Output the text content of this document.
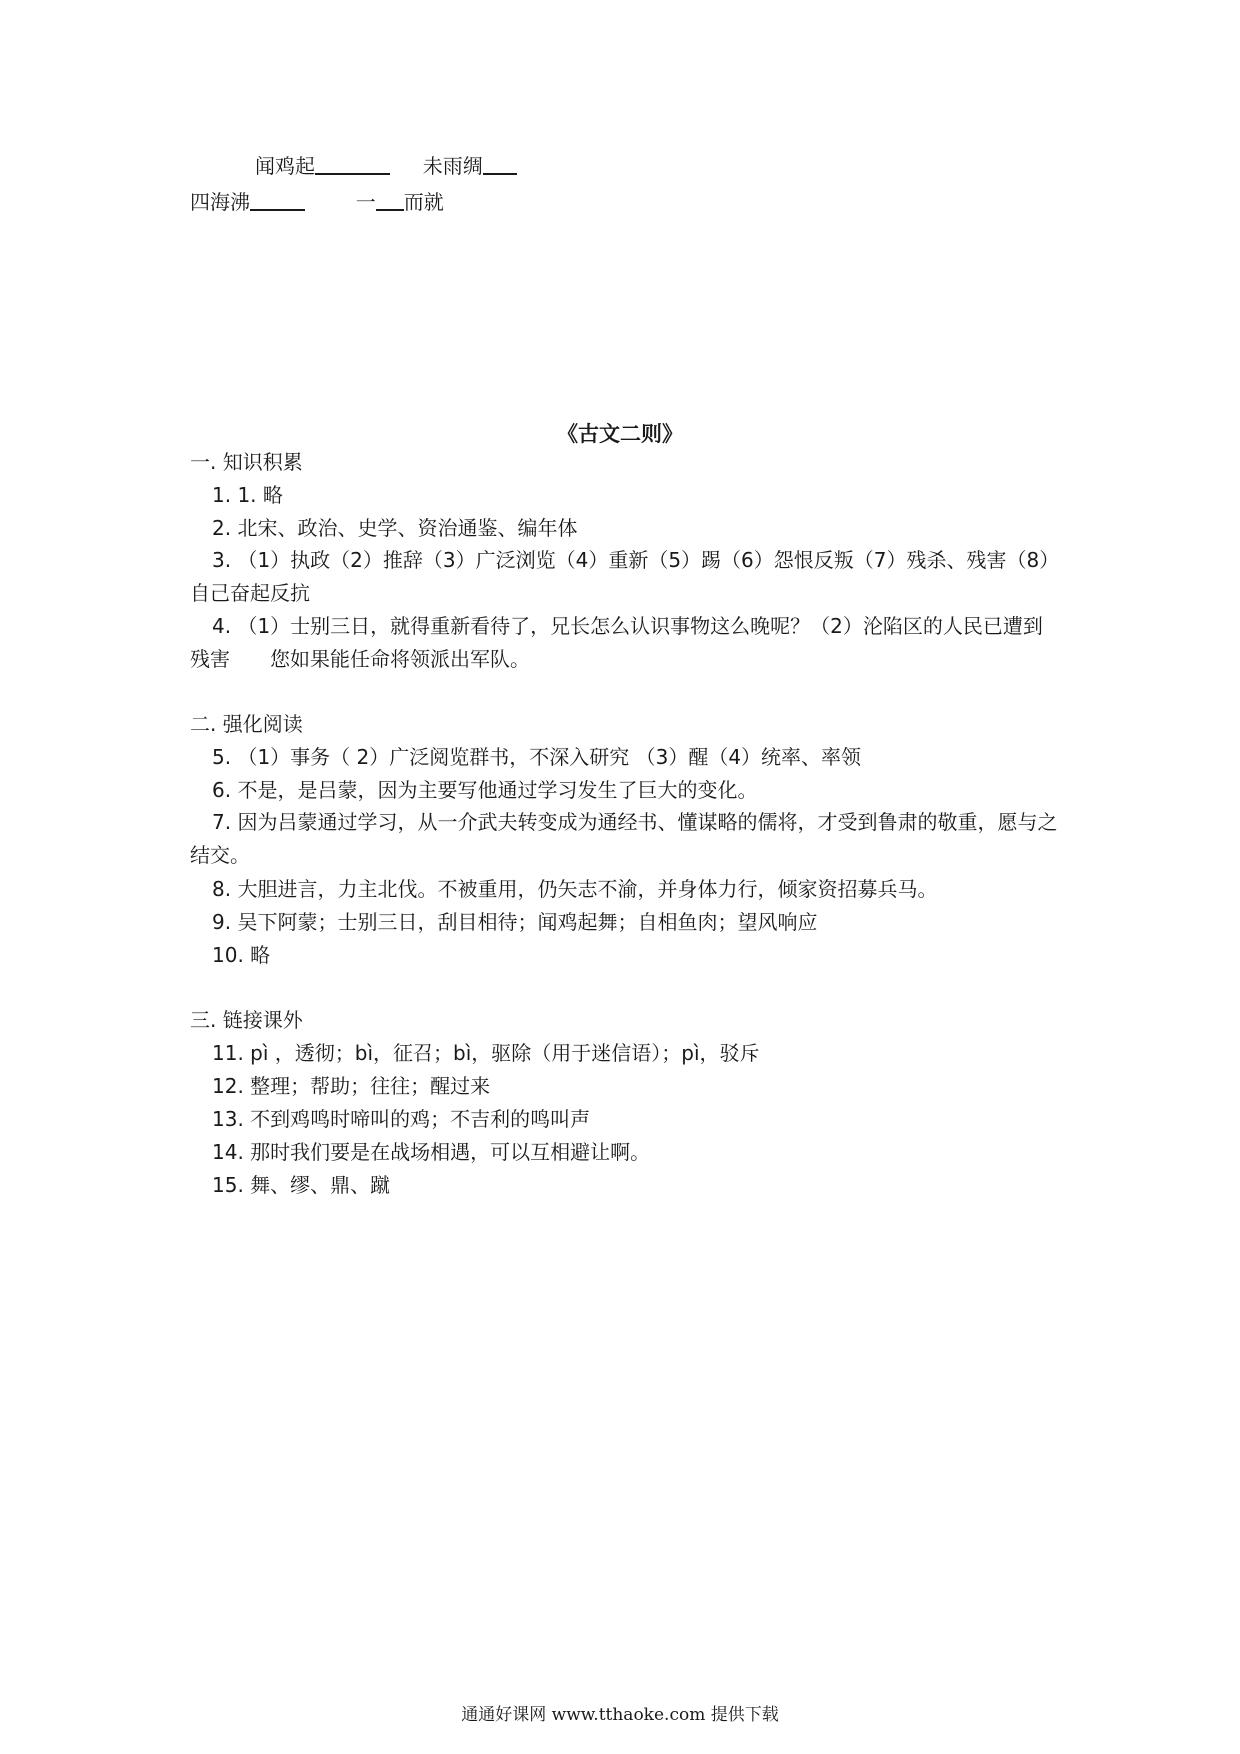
闻鸡起	未雨绸
四海沸	一 而就
《古文二则》
一. 知识积累
1. 1. 略
2. 北宋、政治、史学、资治通鉴、编年体
3. （1）执政（2）推辞（3）广泛浏览（4）重新（5）踢（6）怨恨反叛（7）残杀、残害（8）自己奋起反抗
4. （1）士别三日，就得重新看待了，兄长怎么认识事物这么晚呢？（2）沦陷区的人民已遭到残害　　您如果能任命将领派出军队。
二. 强化阅读
5. （1）事务（ 2）广泛阅览群书，不深入研究 （3）醒（4）统率、率领
6. 不是，是吕蒙，因为主要写他通过学习发生了巨大的变化。
7. 因为吕蒙通过学习，从一介武夫转变成为通经书、懂谋略的儒将，才受到鲁肃的敬重，愿与之结交。
8. 大胆进言，力主北伐。不被重用，仍矢志不渝，并身体力行，倾家资招募兵马。
9. 吴下阿蒙；士别三日，刮目相待；闻鸡起舞；自相鱼肉；望风响应
10. 略
三. 链接课外
11. pì ，透彻；bì，征召；bì，驱除（用于迷信语）；pì，驳斥
12. 整理；帮助；往往；醒过来
13. 不到鸡鸣时啼叫的鸡；不吉利的鸣叫声
14. 那时我们要是在战场相遇，可以互相避让啊。
15. 舞、缪、鼎、蹴
通通好课网 www.tthaoke.com 提供下载
